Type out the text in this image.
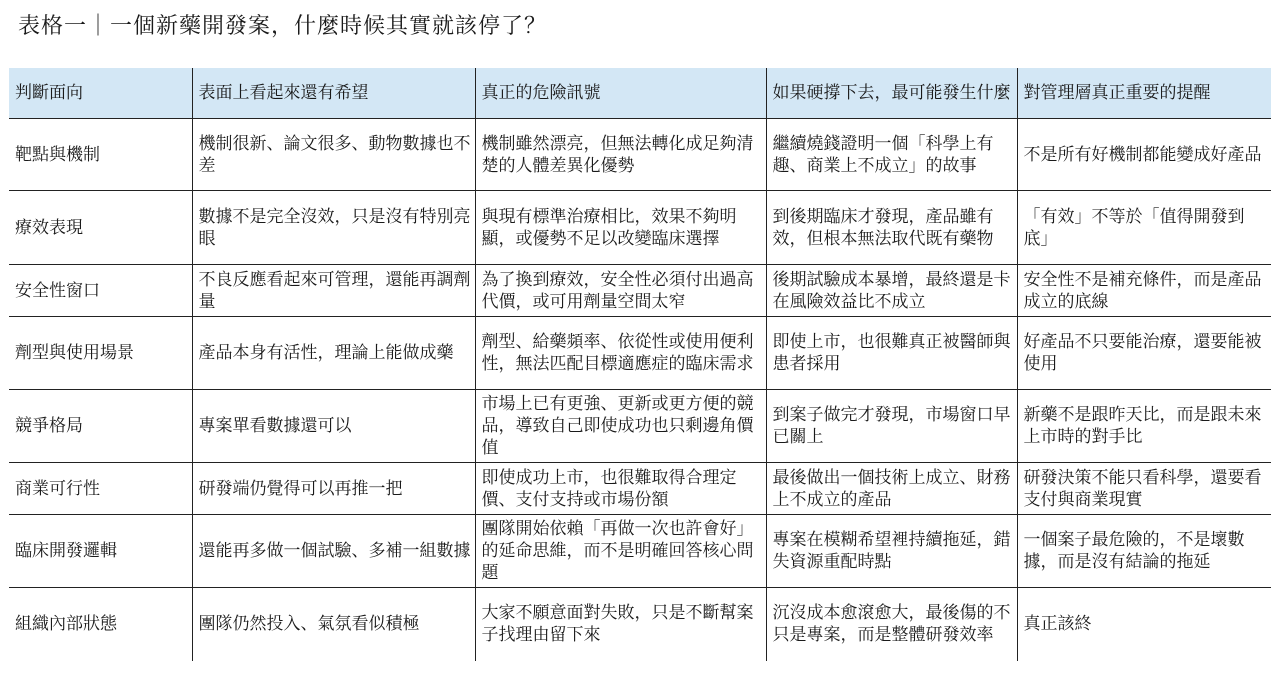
表格一｜一個新藥開發案，什麼時候其實就該停了？
判斷面向	表面上看起來還有希望	真正的危險訊號	如果硬撐下去，最可能發生什麼	對管理層真正重要的提醒
靶點與機制	機制很新、論文很多、動物數據也不差	機制雖然漂亮，但無法轉化成足夠清楚的人體差異化優勢	繼續燒錢證明一個「科學上有趣、商業上不成立」的故事	不是所有好機制都能變成好產品
療效表現	數據不是完全沒效，只是沒有特別亮眼	與現有標準治療相比，效果不夠明顯，或優勢不足以改變臨床選擇	到後期臨床才發現，產品雖有效，但根本無法取代既有藥物	「有效」不等於「值得開發到底」
安全性窗口	不良反應看起來可管理，還能再調劑量	為了換到療效，安全性必須付出過高代價，或可用劑量空間太窄	後期試驗成本暴增，最終還是卡在風險效益比不成立	安全性不是補充條件，而是產品成立的底線
劑型與使用場景	產品本身有活性，理論上能做成藥	劑型、給藥頻率、依從性或使用便利性，無法匹配目標適應症的臨床需求	即使上市，也很難真正被醫師與患者採用	好產品不只要能治療，還要能被使用
競爭格局	專案單看數據還可以	市場上已有更強、更新或更方便的競品，導致自己即使成功也只剩邊角價值	到案子做完才發現，市場窗口早已關上	新藥不是跟昨天比，而是跟未來上市時的對手比
商業可行性	研發端仍覺得可以再推一把	即使成功上市，也很難取得合理定價、支付支持或市場份額	最後做出一個技術上成立、財務上不成立的產品	研發決策不能只看科學，還要看支付與商業現實
臨床開發邏輯	還能再多做一個試驗、多補一組數據	團隊開始依賴「再做一次也許會好」的延命思維，而不是明確回答核心問題	專案在模糊希望裡持續拖延，錯失資源重配時點	一個案子最危險的，不是壞數據，而是沒有結論的拖延
組織內部狀態	團隊仍然投入、氣氛看似積極	大家不願意面對失敗，只是不斷幫案子找理由留下來	沉沒成本愈滾愈大，最後傷的不只是專案，而是整體研發效率	真正該終
